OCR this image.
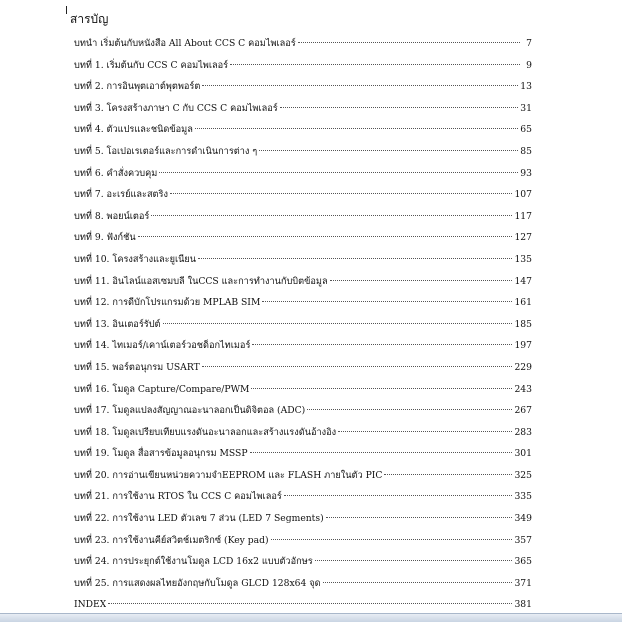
สารบัญ
บทนำ เริ่มต้นกับหนังสือ All About CCS C คอมไพเลอร์	7
บทที่ 1. เริ่มต้นกับ CCS C คอมไพเลอร์	9
บทที่ 2. การอินพุตเอาต์พุตพอร์ต	13
บทที่ 3. โครงสร้างภาษา C กับ CCS C คอมไพเลอร์	31
บทที่ 4. ตัวแปรและชนิดข้อมูล	65
บทที่ 5. โอเปอเรเตอร์และการดำเนินการต่าง ๆ	85
บทที่ 6. คำสั่งควบคุม	93
บทที่ 7. อะเรย์และสตริง	107
บทที่ 8. พอยน์เตอร์	117
บทที่ 9. ฟังก์ชัน	127
บทที่ 10. โครงสร้างและยูเนียน	135
บทที่ 11. อินไลน์แอสเซมบลี ในCCS และการทำงานกับบิตข้อมูล	147
บทที่ 12. การดีบักโปรแกรมด้วย MPLAB SIM	161
บทที่ 13. อินเตอร์รัปต์	185
บทที่ 14. ไทเมอร์/เคาน์เตอร์วอชด็อกไทเมอร์	197
บทที่ 15. พอร์ตอนุกรม USART	229
บทที่ 16. โมดูล Capture/Compare/PWM	243
บทที่ 17. โมดูลแปลงสัญญาณอะนาลอกเป็นดิจิตอล (ADC)	267
บทที่ 18. โมดูลเปรียบเทียบแรงดันอะนาลอกและสร้างแรงดันอ้างอิง	283
บทที่ 19. โมดูล สื่อสารข้อมูลอนุกรม MSSP	301
บทที่ 20. การอ่านเขียนหน่วยความจำEEPROM และ FLASH ภายในตัว PIC	325
บทที่ 21. การใช้งาน RTOS ใน CCS C คอมไพเลอร์	335
บทที่ 22. การใช้งาน LED ตัวเลข 7 ส่วน (LED 7 Segments)	349
บทที่ 23. การใช้งานคีย์สวิตช์เมตริกซ์ (Key pad)	357
บทที่ 24. การประยุกต์ใช้งานโมดูล LCD 16x2 แบบตัวอักษร	365
บทที่ 25. การแสดงผลไทยอังกฤษกับโมดูล GLCD 128x64 จุด	371
INDEX	381
